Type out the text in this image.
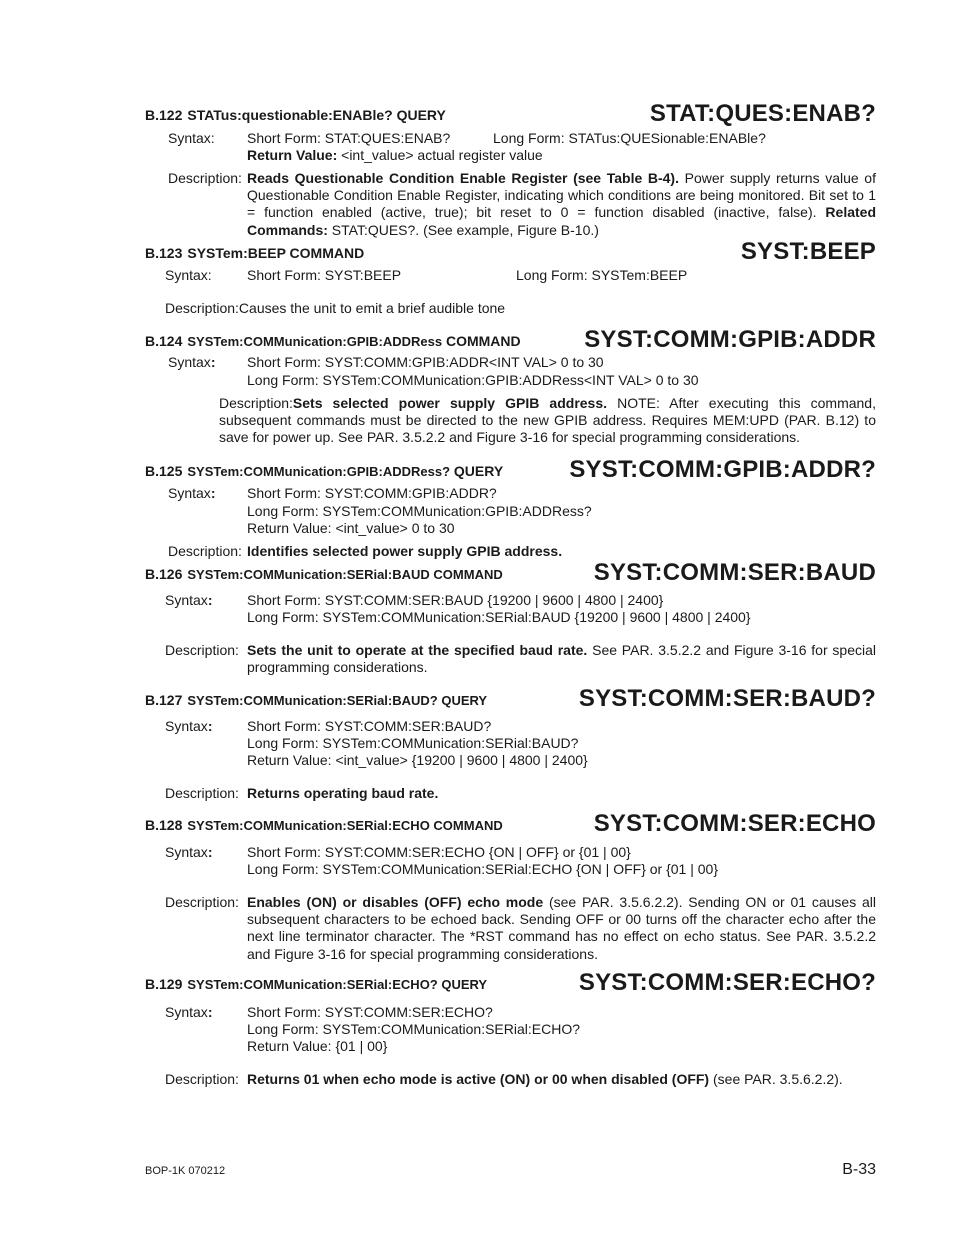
B.122 STATus:questionable:ENABle? QUERY	STAT:QUES:ENAB?
Syntax: Short Form: STAT:QUES:ENAB?	Long Form: STATus:QUESionable:ENABle?
Return Value: <int_value> actual register value
Description: Reads Questionable Condition Enable Register (see Table B-4). Power supply returns value of Questionable Condition Enable Register, indicating which conditions are being monitored. Bit set to 1 = function enabled (active, true); bit reset to 0 = function disabled (inactive, false). Related Commands: STAT:QUES?. (See example, Figure B-10.)
B.123 SYSTem:BEEP COMMAND	SYST:BEEP
Syntax:	Short Form: SYST:BEEP	Long Form: SYSTem:BEEP
Description:Causes the unit to emit a brief audible tone
B.124 SYSTem:COMMunication:GPIB:ADDRess COMMAND	SYST:COMM:GPIB:ADDR
Syntax: Short Form: SYST:COMM:GPIB:ADDR<INT VAL> 0 to 30
Long Form: SYSTem:COMMunication:GPIB:ADDRess<INT VAL> 0 to 30
Description:Sets selected power supply GPIB address. NOTE: After executing this command, subsequent commands must be directed to the new GPIB address. Requires MEM:UPD (PAR. B.12) to save for power up. See PAR. 3.5.2.2 and Figure 3-16 for special programming considerations.
B.125 SYSTem:COMMunication:GPIB:ADDRess? QUERY	SYST:COMM:GPIB:ADDR?
Syntax: Short Form: SYST:COMM:GPIB:ADDR?
Long Form: SYSTem:COMMunication:GPIB:ADDRess?
Return Value: <int_value> 0 to 30
Description: Identifies selected power supply GPIB address.
B.126 SYSTem:COMMunication:SERial:BAUD COMMAND	SYST:COMM:SER:BAUD
Syntax: Short Form: SYST:COMM:SER:BAUD {19200 | 9600 | 4800 | 2400}
Long Form: SYSTem:COMMunication:SERial:BAUD {19200 | 9600 | 4800 | 2400}
Description: Sets the unit to operate at the specified baud rate. See PAR. 3.5.2.2 and Figure 3-16 for special programming considerations.
B.127 SYSTem:COMMunication:SERial:BAUD? QUERY	SYST:COMM:SER:BAUD?
Syntax: Short Form: SYST:COMM:SER:BAUD?
Long Form: SYSTem:COMMunication:SERial:BAUD?
Return Value: <int_value> {19200 | 9600 | 4800 | 2400}
Description: Returns operating baud rate.
B.128 SYSTem:COMMunication:SERial:ECHO COMMAND	SYST:COMM:SER:ECHO
Syntax: Short Form: SYST:COMM:SER:ECHO {ON | OFF} or {01 | 00}
Long Form: SYSTem:COMMunication:SERial:ECHO {ON | OFF} or {01 | 00}
Description: Enables (ON) or disables (OFF) echo mode (see PAR. 3.5.6.2.2). Sending ON or 01 causes all subsequent characters to be echoed back. Sending OFF or 00 turns off the character echo after the next line terminator character. The *RST command has no effect on echo status. See PAR. 3.5.2.2 and Figure 3-16 for special programming considerations.
B.129 SYSTem:COMMunication:SERial:ECHO? QUERY	SYST:COMM:SER:ECHO?
Syntax: Short Form: SYST:COMM:SER:ECHO?
Long Form: SYSTem:COMMunication:SERial:ECHO?
Return Value: {01 | 00}
Description: Returns 01 when echo mode is active (ON) or 00 when disabled (OFF) (see PAR. 3.5.6.2.2).
BOP-1K 070212	B-33
